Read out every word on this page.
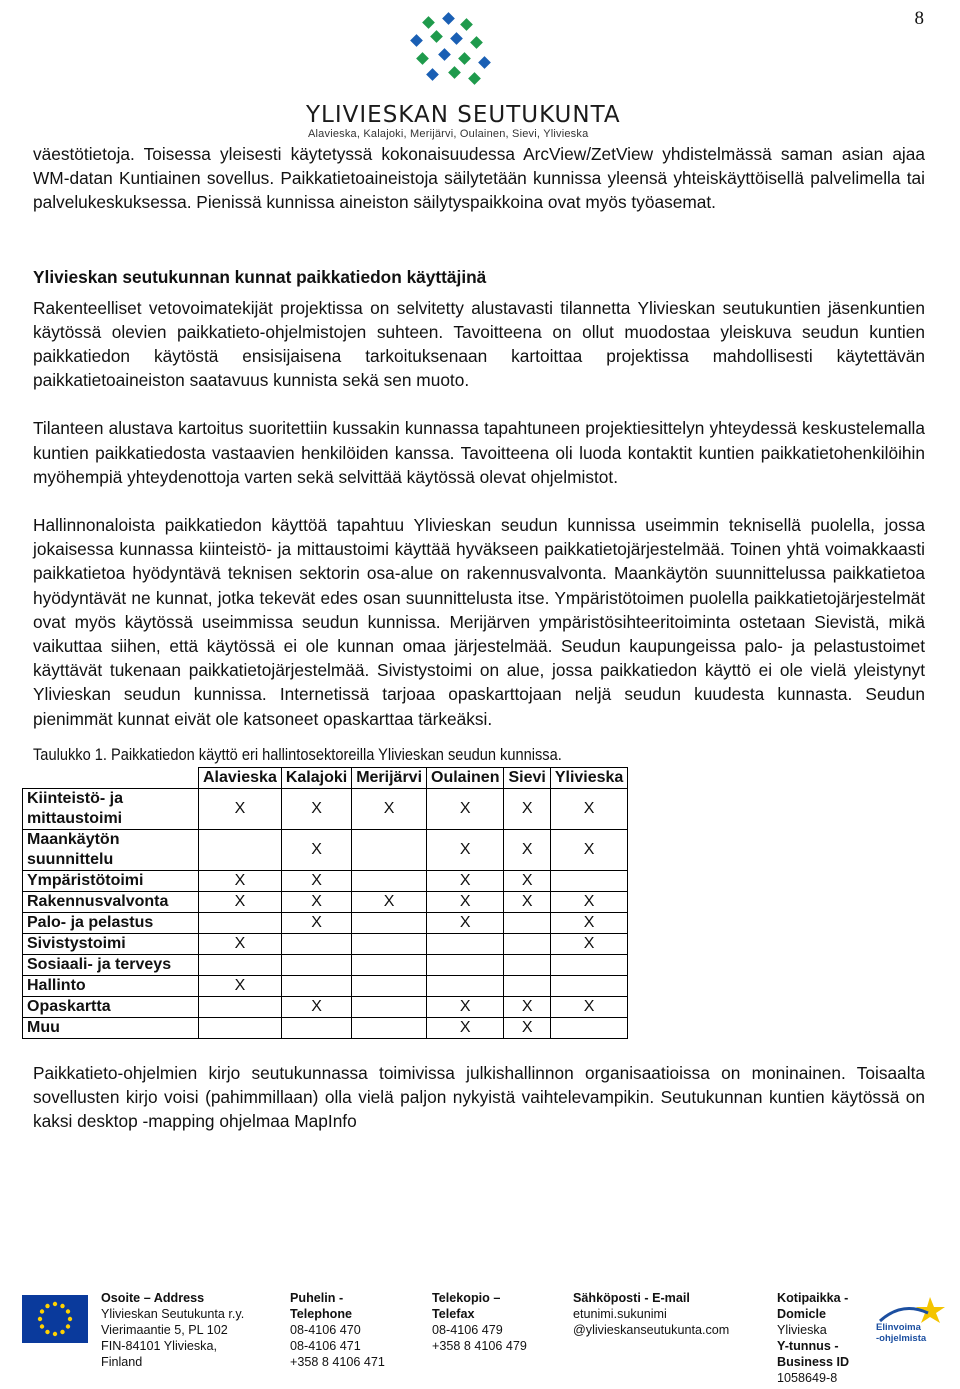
8
YLIVIESKAN SEUTUKUNTA
Alavieska, Kalajoki, Merijärvi, Oulainen, Sievi, Ylivieska

väestötietoja. Toisessa yleisesti käytetyssä kokonaisuudessa ArcView/ZetView yhdistelmässä saman asian ajaa WM-datan Kuntiainen sovellus. Paikkatietoaineistoja säilytetään kunnissa yleensä yhteiskäyttöisellä palvelimella tai palvelukeskuksessa. Pienissä kunnissa aineiston säilytyspaikkoina ovat myös työasemat.

Ylivieskan seutukunnan kunnat paikkatiedon käyttäjinä

Rakenteelliset vetovoimatekijät projektissa on selvitetty alustavasti tilannetta Ylivieskan seutukuntien jäsenkuntien käytössä olevien paikkatieto-ohjelmistojen suhteen. Tavoitteena on ollut muodostaa yleiskuva seudun kuntien paikkatiedon käytöstä ensisijaisena tarkoituksenaan kartoittaa projektissa mahdollisesti käytettävän paikkatietoaineiston saatavuus kunnista sekä sen muoto.

Tilanteen alustava kartoitus suoritettiin kussakin kunnassa tapahtuneen projektiesittelyn yhteydessä keskustelemalla kuntien paikkatiedosta vastaavien henkilöiden kanssa. Tavoitteena oli luoda kontaktit kuntien paikkatietohenkilöihin myöhempiä yhteydenottoja varten sekä selvittää käytössä olevat ohjelmistot.

Hallinnonaloista paikkatiedon käyttöä tapahtuu Ylivieskan seudun kunnissa useimmin teknisellä puolella, jossa jokaisessa kunnassa kiinteistö- ja mittaustoimi käyttää hyväkseen paikkatietojärjestelmää. Toinen yhtä voimakkaasti paikkatietoa hyödyntävä teknisen sektorin osa-alue on rakennusvalvonta. Maankäytön suunnittelussa paikkatietoa hyödyntävät ne kunnat, jotka tekevät edes osan suunnittelusta itse. Ympäristötoimen puolella paikkatietojärjestelmät ovat myös käytössä useimmissa seudun kunnissa. Merijärven ympäristösihteeritoiminta ostetaan Sievistä, mikä vaikuttaa siihen, että käytössä ei ole kunnan omaa järjestelmää. Seudun kaupungeissa palo- ja pelastustoimet käyttävät tukenaan paikkatietojärjestelmää. Sivistystoimi on alue, jossa paikkatiedon käyttö ei ole vielä yleistynyt Ylivieskan seudun kunnissa. Internetissä tarjoaa opaskarttojaan neljä seudun kuudesta kunnasta. Seudun pienimmät kunnat eivät ole katsoneet opaskarttaa tärkeäksi.

Taulukko 1. Paikkatiedon käyttö eri hallintosektoreilla Ylivieskan seudun kunnissa.
	Alavieska	Kalajoki	Merijärvi	Oulainen	Sievi	Ylivieska
Kiinteistö- ja mittaustoimi	X	X	X	X	X	X
Maankäytön suunnittelu		X		X	X	X
Ympäristötoimi	X	X		X	X	
Rakennusvalvonta	X	X	X	X	X	X
Palo- ja pelastus		X		X		X
Sivistystoimi	X					X
Sosiaali- ja terveys						
Hallinto	X					
Opaskartta		X		X	X	X
Muu				X	X	

Paikkatieto-ohjelmien kirjo seutukunnassa toimivissa julkishallinnon organisaatioissa on moninainen. Toisaalta sovellusten kirjo voisi (pahimmillaan) olla vielä paljon nykyistä vaihtelevampikin. Seutukunnan kuntien käytössä on kaksi desktop -mapping ohjelmaa MapInfo

Osoite – Address
Ylivieskan Seutukunta r.y.
Vierimaantie 5, PL 102
FIN-84101 Ylivieska,
Finland
Puhelin -
Telephone
08-4106 470
08-4106 471
+358 8 4106 471
Telekopio –
Telefax
08-4106 479
+358 8 4106 479
Sähköposti - E-mail
etunimi.sukunimi
@ylivieskanseutukunta.com
Kotipaikka -
Domicle
Ylivieska
Y-tunnus -
Business ID
1058649-8
Elinvoima
-ohjelmista
